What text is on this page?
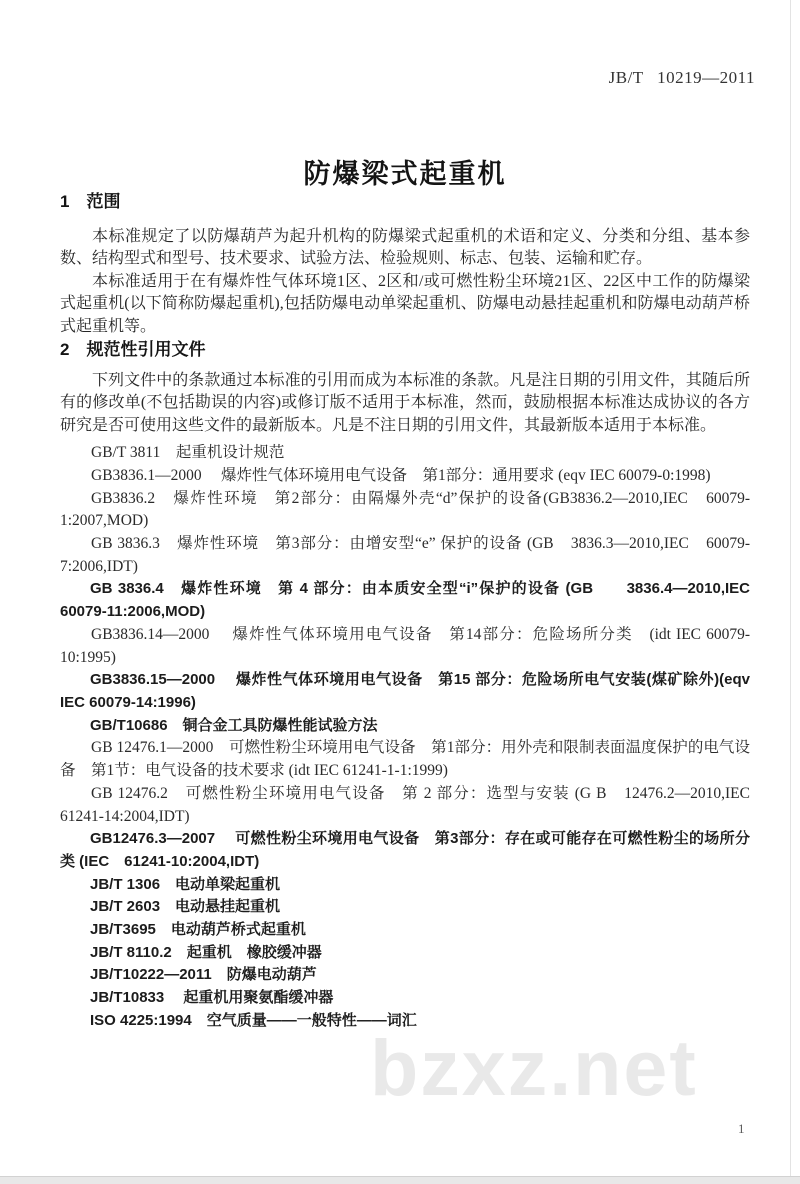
JB/T 10219—2011
防爆梁式起重机
1 范围

本标准规定了以防爆葫芦为起升机构的防爆梁式起重机的术语和定义、分类和分组、基本参数、结构型式和型号、技术要求、试验方法、检验规则、标志、包装、运输和贮存。

本标准适用于在有爆炸性气体环境1区、2区和/或可燃性粉尘环境21区、22区中工作的防爆梁式起重机(以下简称防爆起重机),包括防爆电动单梁起重机、防爆电动悬挂起重机和防爆电动葫芦桥式起重机等。

2 规范性引用文件

下列文件中的条款通过本标准的引用而成为本标准的条款。凡是注日期的引用文件，其随后所有的修改单(不包括勘误的内容)或修订版不适用于本标准，然而，鼓励根据本标准达成协议的各方研究是否可使用这些文件的最新版本。凡是不注日期的引用文件，其最新版本适用于本标准。

GB/T 3811　起重机设计规范

GB3836.1—2000　 爆炸性气体环境用电气设备　第1部分：通用要求 (eqv IEC 60079-0:1998)

GB3836.2　爆炸性环境　第2部分：由隔爆外壳“d”保护的设备(GB3836.2—2010,IEC　60079-1:2007,MOD)

GB 3836.3　爆炸性环境　第3部分：由增安型“e” 保护的设备 (GB　3836.3—2010,IEC　60079-7:2006,IDT)

GB 3836.4　爆炸性环境　第 4 部分：由本质安全型“i”保护的设备 (GB　　3836.4—2010,IEC 60079-11:2006,MOD)

GB3836.14—2000　 爆炸性气体环境用电气设备　第14部分：危险场所分类　(idt IEC 60079-10:1995)

GB3836.15—2000　 爆炸性气体环境用电气设备　第15 部分：危险场所电气安装(煤矿除外)(eqv IEC 60079-14:1996)

GB/T10686　铜合金工具防爆性能试验方法

GB 12476.1—2000　可燃性粉尘环境用电气设备　第1部分：用外壳和限制表面温度保护的电气设备　第1节：电气设备的技术要求 (idt IEC 61241-1-1:1999)

GB 12476.2　可燃性粉尘环境用电气设备　第 2 部分：选型与安装 (G B　12476.2—2010,IEC 61241-14:2004,IDT)

GB12476.3—2007　 可燃性粉尘环境用电气设备　第3部分：存在或可能存在可燃性粉尘的场所分类 (IEC　61241-10:2004,IDT)

JB/T 1306　电动单梁起重机

JB/T 2603　电动悬挂起重机

JB/T3695　电动葫芦桥式起重机

JB/T 8110.2　起重机　橡胶缓冲器

JB/T10222—2011　防爆电动葫芦

JB/T10833　 起重机用聚氨酯缓冲器

ISO 4225:1994　空气质量——一般特性——词汇

bzxz.net
1
